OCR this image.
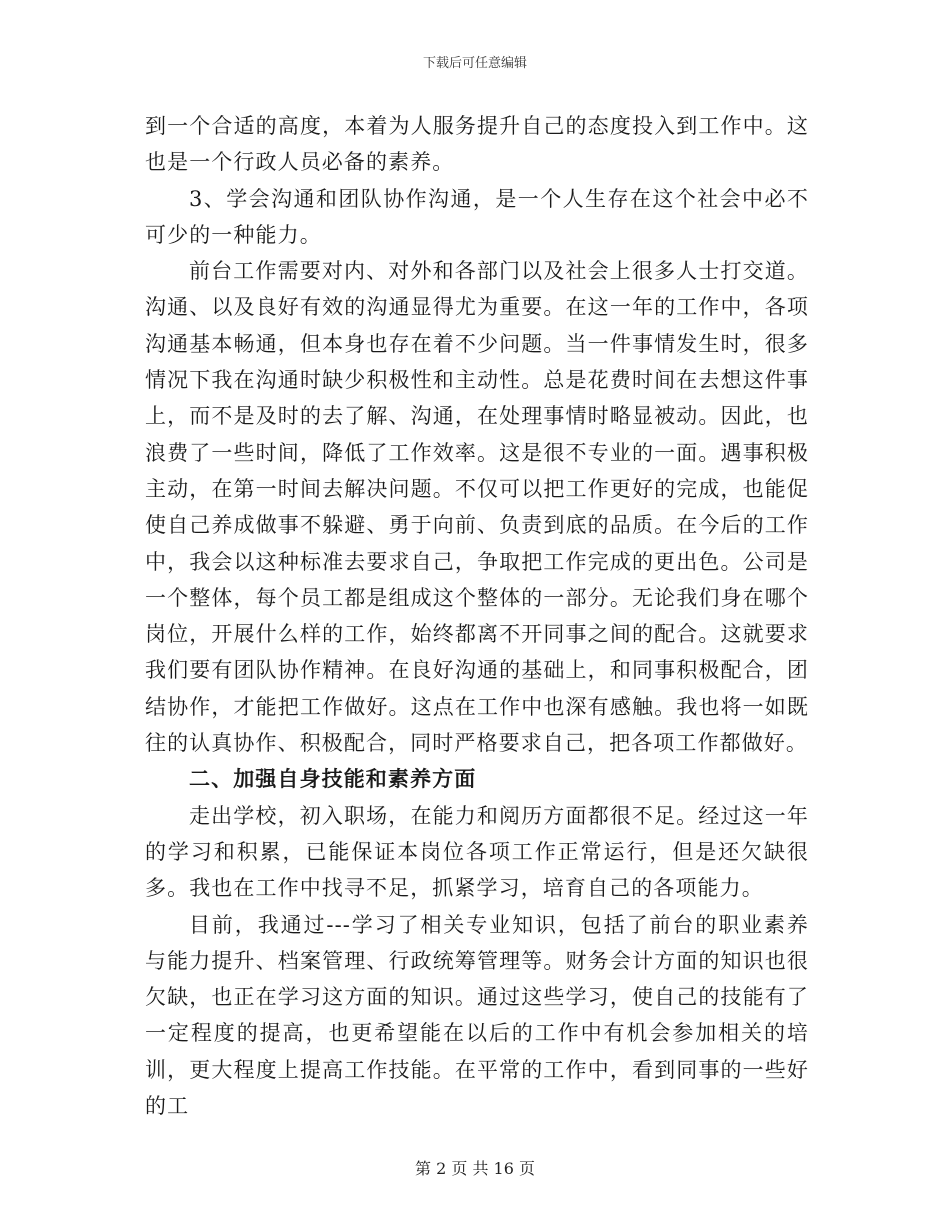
下载后可任意编辑

到一个合适的高度，本着为人服务提升自己的态度投入到工作中。这也是一个行政人员必备的素养。

3、学会沟通和团队协作沟通，是一个人生存在这个社会中必不可少的一种能力。

前台工作需要对内、对外和各部门以及社会上很多人士打交道。沟通、以及良好有效的沟通显得尤为重要。在这一年的工作中，各项沟通基本畅通，但本身也存在着不少问题。当一件事情发生时，很多情况下我在沟通时缺少积极性和主动性。总是花费时间在去想这件事上，而不是及时的去了解、沟通，在处理事情时略显被动。因此，也浪费了一些时间，降低了工作效率。这是很不专业的一面。遇事积极主动，在第一时间去解决问题。不仅可以把工作更好的完成，也能促使自己养成做事不躲避、勇于向前、负责到底的品质。在今后的工作中，我会以这种标准去要求自己，争取把工作完成的更出色。公司是一个整体，每个员工都是组成这个整体的一部分。无论我们身在哪个岗位，开展什么样的工作，始终都离不开同事之间的配合。这就要求我们要有团队协作精神。在良好沟通的基础上，和同事积极配合，团结协作，才能把工作做好。这点在工作中也深有感触。我也将一如既往的认真协作、积极配合，同时严格要求自己，把各项工作都做好。

二、加强自身技能和素养方面

走出学校，初入职场，在能力和阅历方面都很不足。经过这一年的学习和积累，已能保证本岗位各项工作正常运行，但是还欠缺很多。我也在工作中找寻不足，抓紧学习，培育自己的各项能力。

目前，我通过---学习了相关专业知识，包括了前台的职业素养与能力提升、档案管理、行政统筹管理等。财务会计方面的知识也很欠缺，也正在学习这方面的知识。通过这些学习，使自己的技能有了一定程度的提高，也更希望能在以后的工作中有机会参加相关的培训，更大程度上提高工作技能。在平常的工作中，看到同事的一些好的工

第 2 页 共 16 页
